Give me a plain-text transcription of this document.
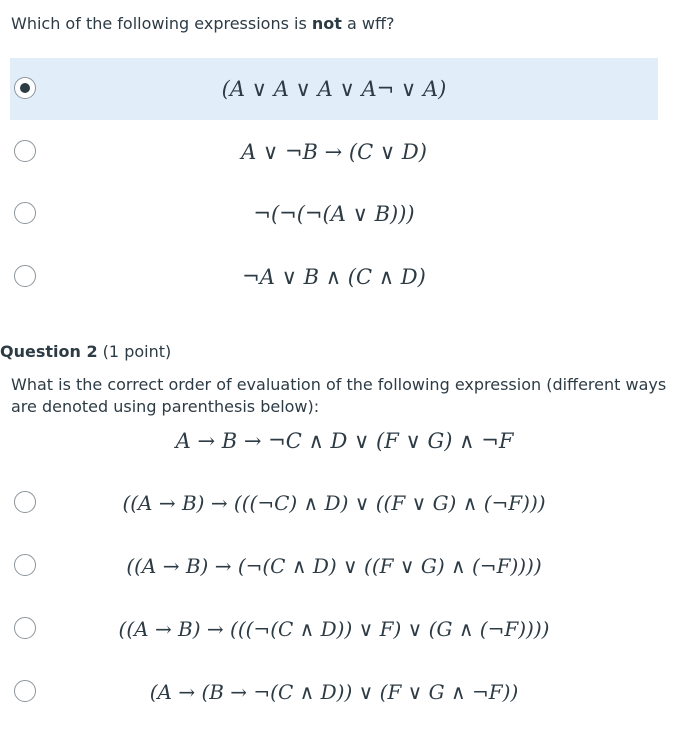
Which of the following expressions is not a wff?
(A ∨ A ∨ A ∨ A¬ ∨ A)
A ∨ ¬B → (C ∨ D)
¬(¬(¬(A ∨ B)))
¬A ∨ B ∧ (C ∧ D)
Question 2 (1 point)
What is the correct order of evaluation of the following expression (different ways
are denoted using parenthesis below):
A → B → ¬C ∧ D ∨ (F ∨ G) ∧ ¬F
((A → B) → (((¬C) ∧ D) ∨ ((F ∨ G) ∧ (¬F)))
((A → B) → (¬(C ∧ D) ∨ ((F ∨ G) ∧ (¬F))))
((A → B) → (((¬(C ∧ D)) ∨ F) ∨ (G ∧ (¬F))))
(A → (B → ¬(C ∧ D)) ∨ (F ∨ G ∧ ¬F))
